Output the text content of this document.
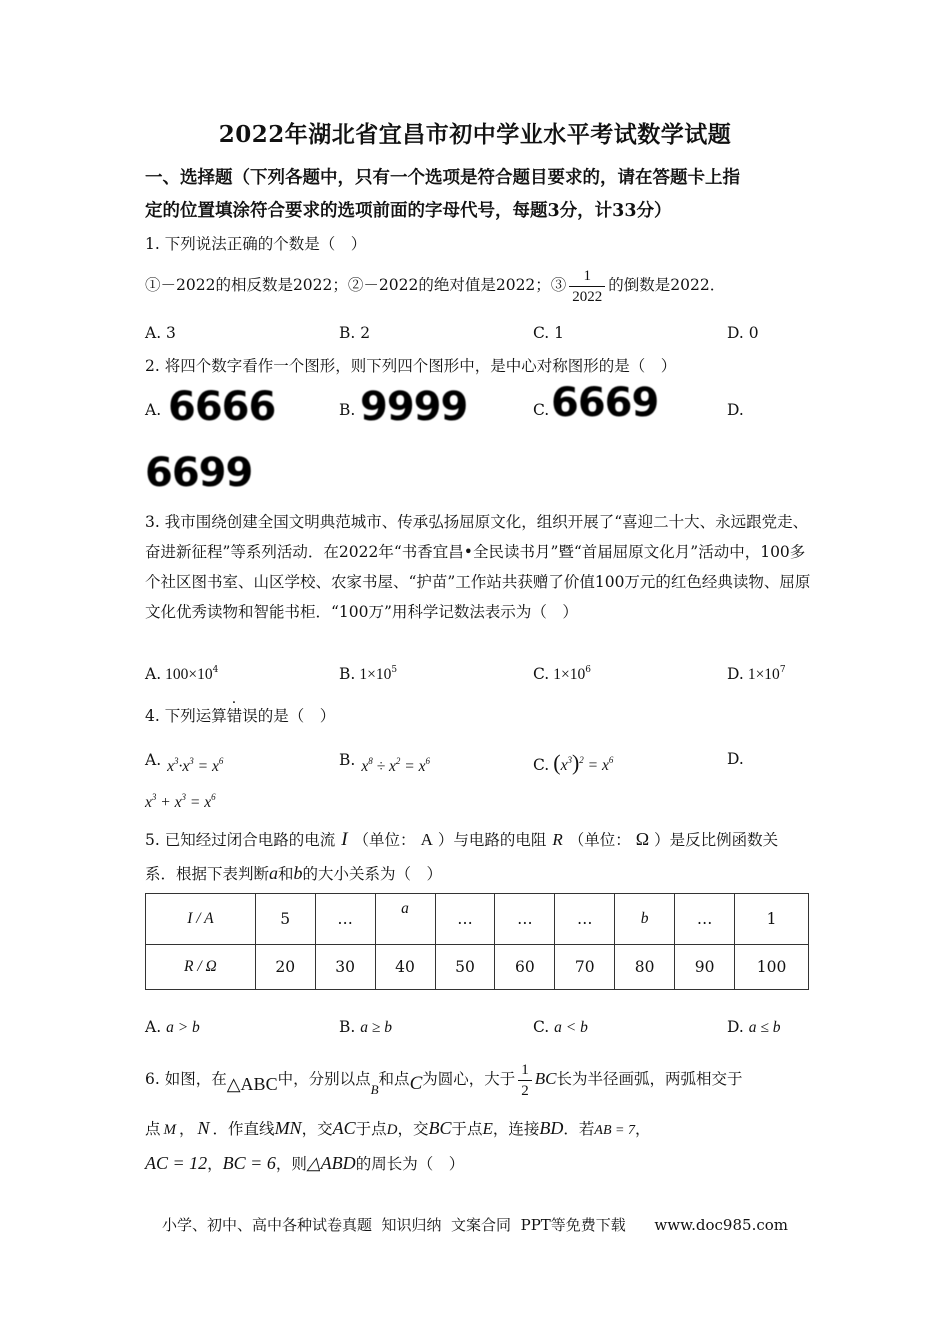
2022年湖北省宜昌市初中学业水平考试数学试题
一、选择题（下列各题中，只有一个选项是符合题目要求的，请在答题卡上指
定的位置填涂符合要求的选项前面的字母代号，每题3分，计33分）
1. 下列说法正确的个数是（　）
①－2022的相反数是2022；②－2022的绝对值是2022；③ $\frac{1}{2022}$ 的倒数是2022．
A. 3	B. 2	C. 1	D. 0
2. 将四个数字看作一个图形，则下列四个图形中，是中心对称图形的是（　）
A. 6666	B. 9999	C. 6669	D.
6699
3. 我市围绕创建全国文明典范城市、传承弘扬屈原文化，组织开展了“喜迎二十大、永远跟党走、奋进新征程”等系列活动．在2022年“书香宜昌•全民读书月”暨“首届屈原文化月”活动中，100多个社区图书室、山区学校、农家书屋、“护苗”工作站共获赠了价值100万元的红色经典读物、屈原文化优秀读物和智能书柜．“100万”用科学记数法表示为（　）
A. $100\times 10^4$	B. $1\times 10^5$	C. $1\times 10^6$	D. $1\times 10^7$
4. 下列运算错误的是（　）
A. $x^3\cdot x^3 = x^6$	B. $x^8 \div x^2 = x^6$	C. $(x^3)^2 = x^6$	D.
$x^3 + x^3 = x^6$
5. 已知经过闭合电路的电流 I （单位： A ）与电路的电阻 R （单位： Ω ）是反比例函数关
系．根据下表判断a和b的大小关系为（　）
I / A	5	…	a	…	…	…	b	…	1
R / Ω	20	30	40	50	60	70	80	90	100
A. a > b	B. a ≥ b	C. a < b	D. a ≤ b
6. 如图，在△ABC中，分别以点$_B$和点C为圆心，大于 $\frac{1}{2}$ BC长为半径画弧，两弧相交于
点 M ， N ．作直线MN，交AC于点D，交BC于点E，连接BD．若AB = 7，
AC = 12，BC = 6，则△ABD的周长为（　）
小学、初中、高中各种试卷真题  知识归纳  文案合同  PPT等免费下载      www.doc985.com
